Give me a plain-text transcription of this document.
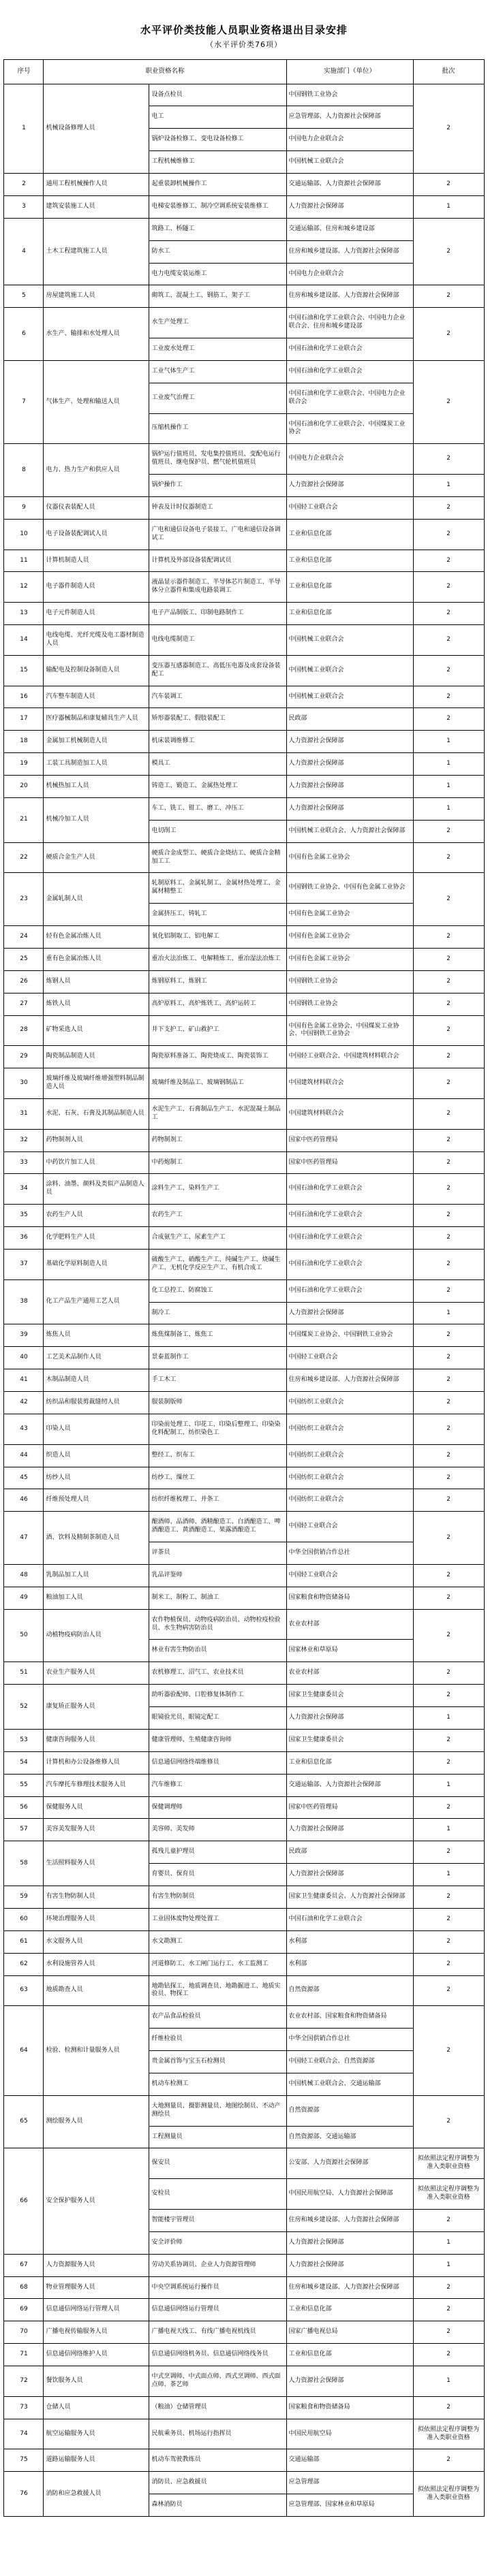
水平评价类技能人员职业资格退出目录安排
（水平评价类76项）
序号	职业资格名称		实施部门（单位）	批次
1	机械设备修理人员	设备点检员	中国钢铁工业协会	2
		电工	应急管理部、人力资源社会保障部	
		锅炉设备检修工、变电设备检修工	中国电力企业联合会	
		工程机械维修工	中国机械工业联合会	
2	通用工程机械操作人员	起重装卸机械操作工	交通运输部、人力资源社会保障部	2
3	建筑安装施工人员	电梯安装维修工、制冷空调系统安装维修工	人力资源社会保障部	1
4	土木工程建筑施工人员	筑路工、桥隧工	交通运输部、住房和城乡建设部	2
		防水工	住房和城乡建设部、人力资源社会保障部	
		电力电缆安装运维工	中国电力企业联合会	
5	房屋建筑施工人员	砌筑工、混凝土工、钢筋工、架子工	住房和城乡建设部、人力资源社会保障部	2
6	水生产、输排和水处理人员	水生产处理工	中国石油和化学工业联合会、中国电力企业联合会、住房和城乡建设部	2
		工业废水处理工	中国石油和化学工业联合会	
7	气体生产、处理和输送人员	工业气体生产工	中国石油和化学工业联合会	2
		工业废气治理工	中国石油和化学工业联合会、中国电力企业联合会	
		压缩机操作工	中国石油和化学工业联合会、中国煤炭工业协会	
8	电力、热力生产和供应人员	锅炉运行值班员、发电集控值班员、变配电运行值班员、继电保护员、燃气轮机值班员	中国电力企业联合会	2
		锅炉操作工	人力资源社会保障部	1
9	仪器仪表装配人员	钟表及计时仪器制造工	中国轻工业联合会	2
10	电子设备装配调试人员	广电和通信设备电子装接工、广电和通信设备调试工	工业和信息化部	2
11	计算机制造人员	计算机及外部设备装配调试员	工业和信息化部	2
12	电子器件制造人员	液晶显示器件制造工、半导体芯片制造工、半导体分立器件和集成电路装调工	工业和信息化部	2
13	电子元件制造人员	电子产品制版工、印制电路制作工	工业和信息化部	2
14	电线电缆、光纤光缆及电工器材制造人员	电线电缆制造工	中国机械工业联合会	2
15	输配电及控制设备制造人员	变压器互感器制造工、高低压电器及成套设备装配工	中国机械工业联合会	2
16	汽车整车制造人员	汽车装调工	中国机械工业联合会	2
17	医疗器械制品和康复辅具生产人员	矫形器装配工、假肢装配工	民政部	2
18	金属加工机械制造人员	机床装调维修工	人力资源社会保障部	1
19	工装工具制造加工人员	模具工	人力资源社会保障部	1
20	机械热加工人员	铸造工、锻造工、金属热处理工	人力资源社会保障部	1
21	机械冷加工人员	车工、铣工、钳工、磨工、冲压工	人力资源社会保障部	1
		电切削工	中国机械工业联合会、人力资源社会保障部	2
22	硬质合金生产人员	硬质合金成型工、硬质合金烧结工、硬质合金精加工工	中国有色金属工业协会	2
23	金属轧制人员	轧制原料工、金属轧制工、金属材热处理工、金属材精整工	中国钢铁工业协会、中国有色金属工业协会	2
		金属挤压工、铸轧工	中国有色金属工业协会	
24	轻有色金属冶炼人员	氧化铝制取工、铝电解工	中国有色金属工业协会	2
25	重有色金属冶炼人员	重冶火法冶炼工、电解精炼工、重冶湿法冶炼工	中国有色金属工业协会	2
26	炼钢人员	炼钢原料工、炼钢工	中国钢铁工业协会	2
27	炼铁人员	高炉原料工、高炉炼铁工、高炉运转工	中国钢铁工业协会	2
28	矿物采选人员	井下支护工、矿山救护工	中国有色金属工业协会、中国煤炭工业协会、中国钢铁工业协会	2
29	陶瓷制品制造人员	陶瓷原料准备工、陶瓷烧成工、陶瓷装饰工	中国轻工业联合会、中国建筑材料联合会	2
30	玻璃纤维及玻璃纤维增强塑料制品制造人员	玻璃纤维及制品工、玻璃钢制品工	中国建筑材料联合会	2
31	水泥、石灰、石膏及其制品制造人员	水泥生产工、石膏制品生产工、水泥混凝土制品工	中国建筑材料联合会	2
32	药物制剂人员	药物制剂工	国家中医药管理局	2
33	中药饮片加工人员	中药炮制工	国家中医药管理局	2
34	涂料、油墨、颜料及类似产品制造人员	涂料生产工、染料生产工	中国石油和化学工业联合会	2
35	农药生产人员	农药生产工	中国石油和化学工业联合会	2
36	化学肥料生产人员	合成氨生产工、尿素生产工	中国石油和化学工业联合会	2
37	基础化学原料制造人员	硫酸生产工、硝酸生产工、纯碱生产工、烧碱生产工、无机化学反应生产工、有机合成工	中国石油和化学工业联合会	2
38	化工产品生产通用工艺人员	化工总控工、防腐蚀工	中国石油和化学工业联合会	2
		制冷工	人力资源社会保障部	1
39	炼焦人员	炼焦煤制备工、炼焦工	中国煤炭工业协会、中国钢铁工业协会	2
40	工艺美术品制作人员	景泰蓝制作工	中国轻工业联合会	2
41	木制品制造人员	手工木工	住房和城乡建设部、人力资源社会保障部	2
42	纺织品和服装剪裁缝纫人员	服装制版师	中国纺织工业联合会	2
43	印染人员	印染前处理工、印花工、印染后整理工、印染染化料配制工、纺织染色工	中国纺织工业联合会	2
44	织造人员	整经工、织布工	中国纺织工业联合会	2
45	纺纱人员	纺纱工、缫丝工	中国纺织工业联合会	2
46	纤维预处理人员	纺织纤维梳理工、并条工	中国纺织工业联合会	2
47	酒、饮料及精制茶制造人员	酿酒师、品酒师、酒精酿造工、白酒酿造工、啤酒酿造工、黄酒酿造工、果露酒酿造工	中国轻工业联合会	2
		评茶员	中华全国供销合作总社	
48	乳制品加工人员	乳品评鉴师	中国轻工业联合会	2
49	粮油加工人员	制米工、制粉工、制油工	国家粮食和物资储备局	2
50	动植物疫病防治人员	农作物植保员、动物疫病防治员、动物检疫检验员、水生物病害防治员	农业农村部	2
		林业有害生物防治员	国家林业和草原局	
51	农业生产服务人员	农机修理工、沼气工、农业技术员	农业农村部	2
52	康复矫正服务人员	助听器验配师、口腔修复体制作工	国家卫生健康委员会	2
		眼镜验光员、眼镜定配工	人力资源社会保障部	1
53	健康咨询服务人员	健康管理师、生殖健康咨询师	国家卫生健康委员会	2
54	计算机和办公设备维修人员	信息通信网络终端维修员	工业和信息化部	2
55	汽车摩托车修理技术服务人员	汽车维修工	交通运输部、人力资源社会保障部	1
56	保健服务人员	保健调理师	国家中医药管理局	2
57	美容美发服务人员	美容师、美发师	人力资源社会保障部	1
58	生活照料服务人员	孤残儿童护理员	民政部	2
		育婴员、保育员	人力资源社会保障部	1
59	有害生物防制人员	有害生物防制员	国家卫生健康委员会、人力资源社会保障部	2
60	环境治理服务人员	工业固体废物处理处置工	中国石油和化学工业联合会	2
61	水文服务人员	水文勘测工	水利部	2
62	水利设施管养人员	河道修防工、水工闸门运行工、水工监测工	水利部	2
63	地质勘查人员	地勘钻探工、地质调查员、地勘掘进工、地质实验员、物探工	自然资源部	2
64	检验、检测和计量服务人员	农产品食品检验员	农业农村部、国家粮食和物资储备局	2
		纤维检验员	中华全国供销合作总社	
		贵金属首饰与宝玉石检测员	中国轻工业联合会、自然资源部	
		机动车检测工	中国机械工业联合会、交通运输部	
65	测绘服务人员	大地测量员、摄影测量员、地图绘制员、不动产测绘员	自然资源部	2
		工程测量员	自然资源部、交通运输部	
66	安全保护服务人员	保安员	公安部、人力资源社会保障部	拟依照法定程序调整为准入类职业资格
		安检员	中国民用航空局、人力资源社会保障部	拟依照法定程序调整为准入类职业资格
		智能楼宇管理员	住房和城乡建设部、人力资源社会保障部	2
		安全评价师	人力资源社会保障部	1
67	人力资源服务人员	劳动关系协调员、企业人力资源管理师	人力资源社会保障部	1
68	物业管理服务人员	中央空调系统运行操作员	住房和城乡建设部、人力资源社会保障部	2
69	信息通信网络运行管理人员	信息通信网络运行管理员	工业和信息化部	2
70	广播电视传输服务人员	广播电视天线工、有线广播电视机线员	国家广播电视总局	2
71	信息通信网络维护人员	信息通信网络机务员、信息通信网络线务员	工业和信息化部	2
72	餐饮服务人员	中式烹调师、中式面点师、西式烹调师、西式面点师、茶艺师	人力资源社会保障部	1
73	仓储人员	（粮油）仓储管理员	国家粮食和物资储备局	2
74	航空运输服务人员	民航乘务员、机场运行指挥员	中国民用航空局	拟依照法定程序调整为准入类职业资格
75	道路运输服务人员	机动车驾驶教练员	交通运输部	2
76	消防和应急救援人员	消防员、应急救援员	应急管理部	拟依照法定程序调整为准入类职业资格
		森林消防员	应急管理部、国家林业和草原局	
